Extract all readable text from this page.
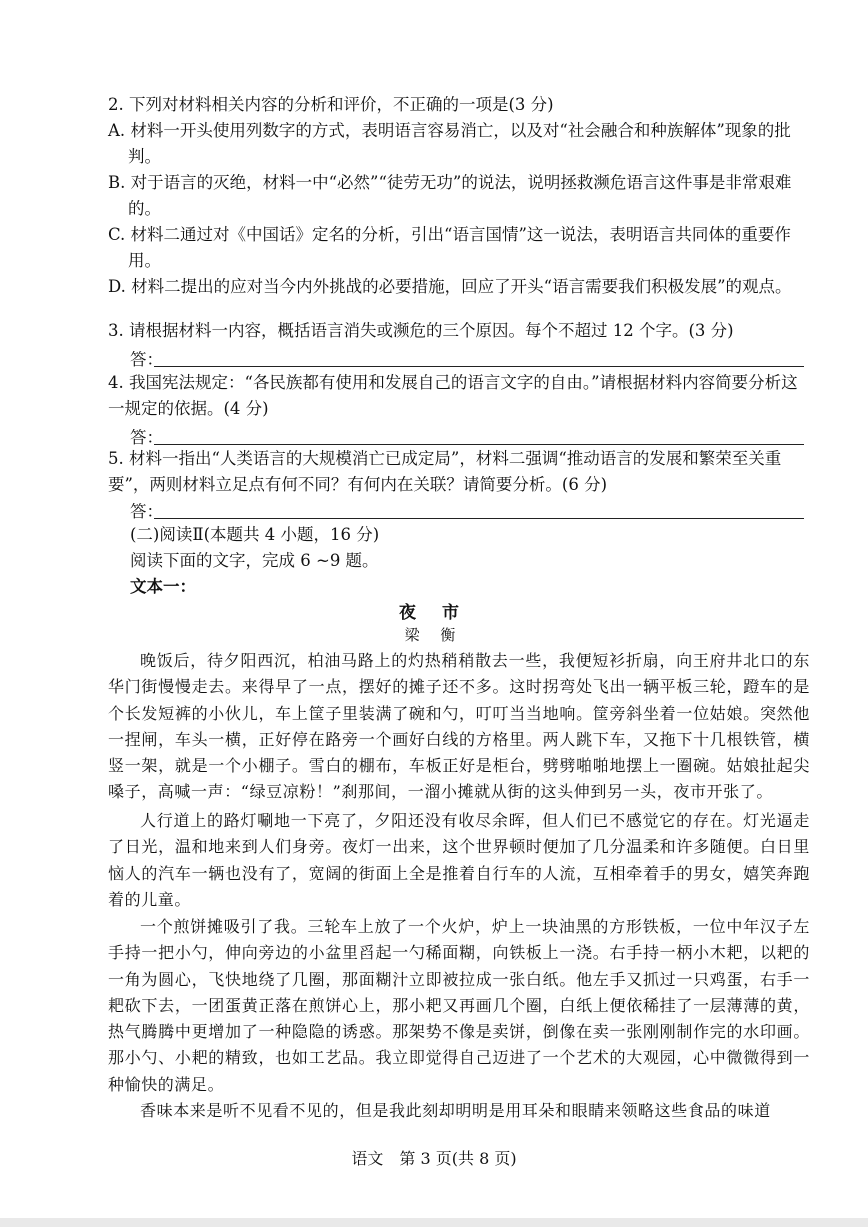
2. 下列对材料相关内容的分析和评价，不正确的一项是(3 分)
A. 材料一开头使用列数字的方式，表明语言容易消亡，以及对“社会融合和种族解体”现象的批判。
B. 对于语言的灭绝，材料一中“必然”“徒劳无功”的说法，说明拯救濒危语言这件事是非常艰难的。
C. 材料二通过对《中国话》定名的分析，引出“语言国情”这一说法，表明语言共同体的重要作用。
D. 材料二提出的应对当今内外挑战的必要措施，回应了开头“语言需要我们积极发展”的观点。
3. 请根据材料一内容，概括语言消失或濒危的三个原因。每个不超过 12 个字。(3 分)
答：
4. 我国宪法规定：“各民族都有使用和发展自己的语言文字的自由。”请根据材料内容简要分析这一规定的依据。(4 分)
答：
5. 材料一指出“人类语言的大规模消亡已成定局”，材料二强调“推动语言的发展和繁荣至关重要”，两则材料立足点有何不同？有何内在关联？请简要分析。(6 分)
答：
(二)阅读Ⅱ(本题共 4 小题，16 分)
阅读下面的文字，完成 6 ~9 题。
文本一：
夜 市
梁 衡
晚饭后，待夕阳西沉，柏油马路上的灼热稍稍散去一些，我便短衫折扇，向王府井北口的东华门街慢慢走去。来得早了一点，摆好的摊子还不多。这时拐弯处飞出一辆平板三轮，蹬车的是个长发短裤的小伙儿，车上筐子里装满了碗和勺，叮叮当当地响。筐旁斜坐着一位姑娘。突然他一捏闸，车头一横，正好停在路旁一个画好白线的方格里。两人跳下车，又拖下十几根铁管，横竖一架，就是一个小棚子。雪白的棚布，车板正好是柜台，劈劈啪啪地摆上一圈碗。姑娘扯起尖嗓子，高喊一声：“绿豆凉粉！”刹那间，一溜小摊就从街的这头伸到另一头，夜市开张了。
人行道上的路灯唰地一下亮了，夕阳还没有收尽余晖，但人们已不感觉它的存在。灯光逼走了日光，温和地来到人们身旁。夜灯一出来，这个世界顿时便加了几分温柔和许多随便。白日里恼人的汽车一辆也没有了，宽阔的街面上全是推着自行车的人流，互相牵着手的男女，嬉笑奔跑着的儿童。
一个煎饼摊吸引了我。三轮车上放了一个火炉，炉上一块油黑的方形铁板，一位中年汉子左手持一把小勺，伸向旁边的小盆里舀起一勺稀面糊，向铁板上一浇。右手持一柄小木耙，以耙的一角为圆心，飞快地绕了几圈，那面糊汁立即被拉成一张白纸。他左手又抓过一只鸡蛋，右手一耙砍下去，一团蛋黄正落在煎饼心上，那小耙又再画几个圈，白纸上便依稀挂了一层薄薄的黄，热气腾腾中更增加了一种隐隐的诱惑。那架势不像是卖饼，倒像在卖一张刚刚制作完的水印画。那小勺、小耙的精致，也如工艺品。我立即觉得自己迈进了一个艺术的大观园，心中微微得到一种愉快的满足。
香味本来是听不见看不见的，但是我此刻却明明是用耳朵和眼睛来领略这些食品的味道
语文　第 3 页(共 8 页)
